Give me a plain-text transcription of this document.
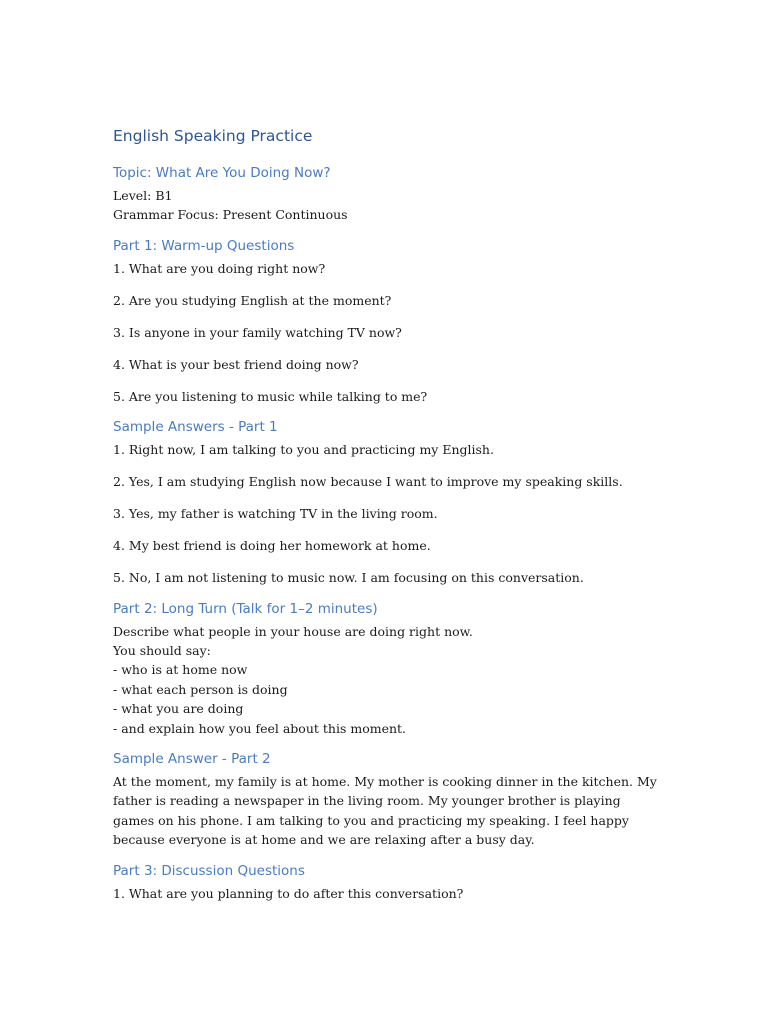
English Speaking Practice
Topic: What Are You Doing Now?

Level: B1

Grammar Focus: Present Continuous

Part 1: Warm-up Questions

1. What are you doing right now?

2. Are you studying English at the moment?

3. Is anyone in your family watching TV now?

4. What is your best friend doing now?

5. Are you listening to music while talking to me?

Sample Answers - Part 1

1. Right now, I am talking to you and practicing my English.

2. Yes, I am studying English now because I want to improve my speaking skills.

3. Yes, my father is watching TV in the living room.

4. My best friend is doing her homework at home.

5. No, I am not listening to music now. I am focusing on this conversation.

Part 2: Long Turn (Talk for 1–2 minutes)

Describe what people in your house are doing right now.

You should say:

- who is at home now

- what each person is doing

- what you are doing

- and explain how you feel about this moment.

Sample Answer - Part 2

At the moment, my family is at home. My mother is cooking dinner in the kitchen. My father is reading a newspaper in the living room. My younger brother is playing games on his phone. I am talking to you and practicing my speaking. I feel happy because everyone is at home and we are relaxing after a busy day.

Part 3: Discussion Questions

1. What are you planning to do after this conversation?
